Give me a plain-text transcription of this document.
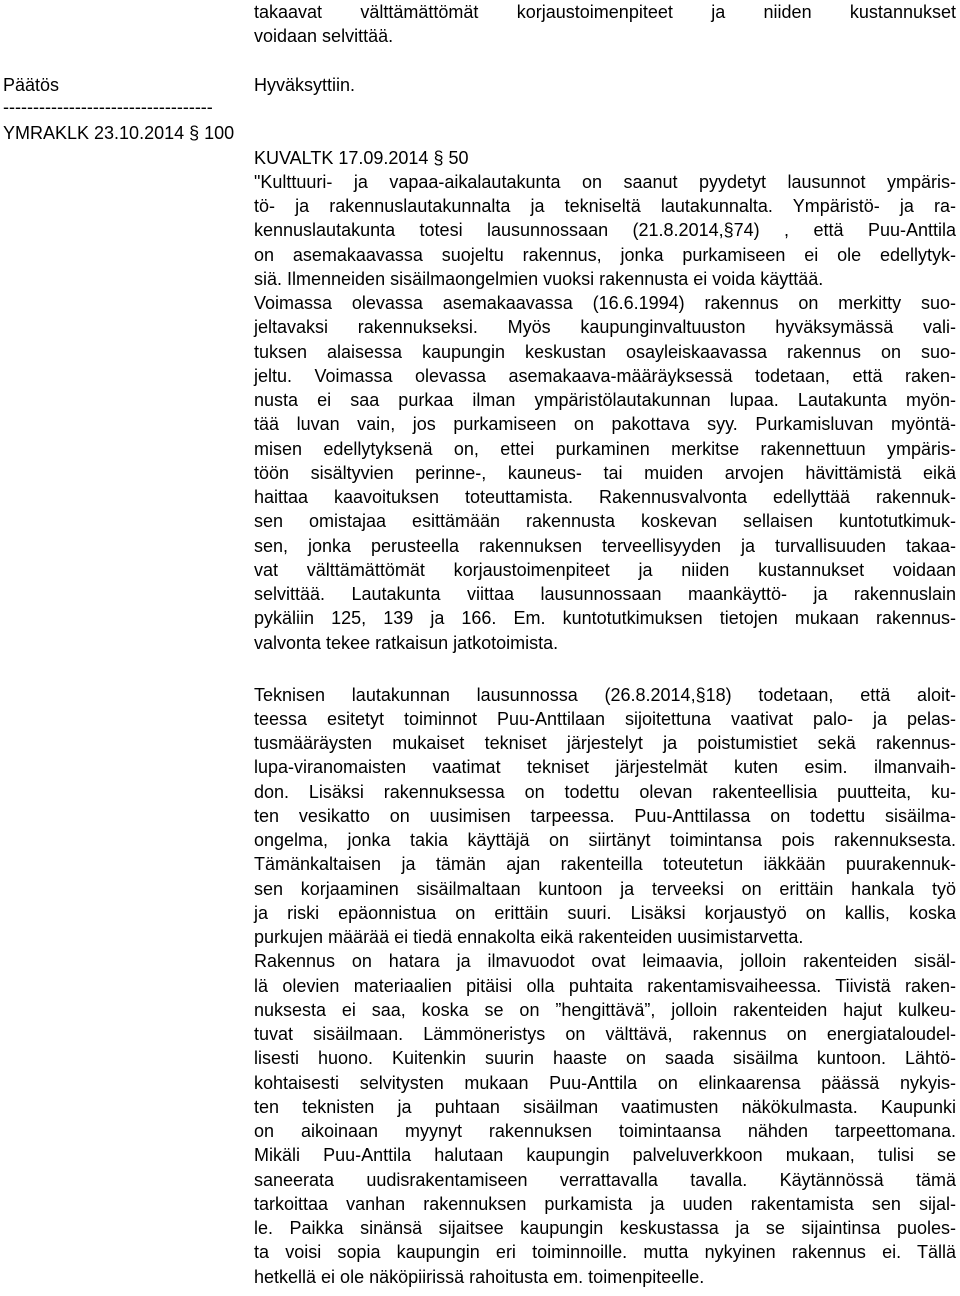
takaavat välttämättömät korjaustoimenpiteet ja niiden kustannukset

voidaan selvittää.

Päätös	Hyväksyttiin.

-----------------------------------

YMRAKLK 23.10.2014 § 100

KUVALTK 17.09.2014 § 50

"Kulttuuri- ja vapaa-aikalautakunta on saanut pyydetyt lausunnot ympäris-

tö- ja rakennuslautakunnalta ja tekniseltä lautakunnalta. Ympäristö- ja ra-

kennuslautakunta totesi lausunnossaan (21.8.2014,§74) , että Puu-Anttila

on asemakaavassa suojeltu rakennus, jonka purkamiseen ei ole edellytyk-

siä. Ilmenneiden sisäilmaongelmien vuoksi rakennusta ei voida käyttää.

Voimassa olevassa asemakaavassa (16.6.1994) rakennus on merkitty suo-

jeltavaksi rakennukseksi. Myös kaupunginvaltuuston hyväksymässä vali-

tuksen alaisessa kaupungin keskustan osayleiskaavassa rakennus on suo-

jeltu. Voimassa olevassa asemakaava-määräyksessä todetaan, että raken-

nusta ei saa purkaa ilman ympäristölautakunnan lupaa. Lautakunta myön-

tää luvan vain, jos purkamiseen on pakottava syy. Purkamisluvan myöntä-

misen edellytyksenä on, ettei purkaminen merkitse rakennettuun ympäris-

töön sisältyvien perinne-, kauneus- tai muiden arvojen hävittämistä eikä

haittaa kaavoituksen toteuttamista. Rakennusvalvonta edellyttää rakennuk-

sen omistajaa esittämään rakennusta koskevan sellaisen kuntotutkimuk-

sen, jonka perusteella rakennuksen terveellisyyden ja turvallisuuden takaa-

vat välttämättömät korjaustoimenpiteet ja niiden kustannukset voidaan

selvittää. Lautakunta viittaa lausunnossaan maankäyttö- ja rakennuslain

pykäliin 125, 139 ja 166. Em. kuntotutkimuksen tietojen mukaan rakennus-

valvonta tekee ratkaisun jatkotoimista.

Teknisen lautakunnan lausunnossa (26.8.2014,§18) todetaan, että aloit-

teessa esitetyt toiminnot Puu-Anttilaan sijoitettuna vaativat palo- ja pelas-

tusmääräysten mukaiset tekniset järjestelyt ja poistumistiet sekä rakennus-

lupa-viranomaisten vaatimat tekniset järjestelmät kuten esim. ilmanvaih-

don. Lisäksi rakennuksessa on todettu olevan rakenteellisia puutteita, ku-

ten vesikatto on uusimisen tarpeessa. Puu-Anttilassa on todettu sisäilma-

ongelma, jonka takia käyttäjä on siirtänyt toimintansa pois rakennuksesta.

Tämänkaltaisen ja tämän ajan rakenteilla toteutetun iäkkään puurakennuk-

sen korjaaminen sisäilmaltaan kuntoon ja terveeksi on erittäin hankala työ

ja riski epäonnistua on erittäin suuri. Lisäksi korjaustyö on kallis, koska

purkujen määrää ei tiedä ennakolta eikä rakenteiden uusimistarvetta.

Rakennus on hatara ja ilmavuodot ovat leimaavia, jolloin rakenteiden sisäl-

lä olevien materiaalien pitäisi olla puhtaita rakentamisvaiheessa. Tiivistä raken-

nuksesta ei saa, koska se on ”hengittävä”, jolloin rakenteiden hajut kulkeu-

tuvat sisäilmaan. Lämmöneristys on välttävä, rakennus on energiataloudel-

lisesti huono. Kuitenkin suurin haaste on saada sisäilma kuntoon. Lähtö-

kohtaisesti selvitysten mukaan Puu-Anttila on elinkaarensa päässä nykyis-

ten teknisten ja puhtaan sisäilman vaatimusten näkökulmasta. Kaupunki

on aikoinaan myynyt rakennuksen toimintaansa nähden tarpeettomana.

Mikäli Puu-Anttila halutaan kaupungin palveluverkkoon mukaan, tulisi se

saneerata uudisrakentamiseen verrattavalla tavalla. Käytännössä tämä

tarkoittaa vanhan rakennuksen purkamista ja uuden rakentamista sen sijal-

le. Paikka sinänsä sijaitsee kaupungin keskustassa ja se sijaintinsa puoles-

ta voisi sopia kaupungin eri toiminnoille. mutta nykyinen rakennus ei. Tällä

hetkellä ei ole näköpiirissä rahoitusta em. toimenpiteelle.
